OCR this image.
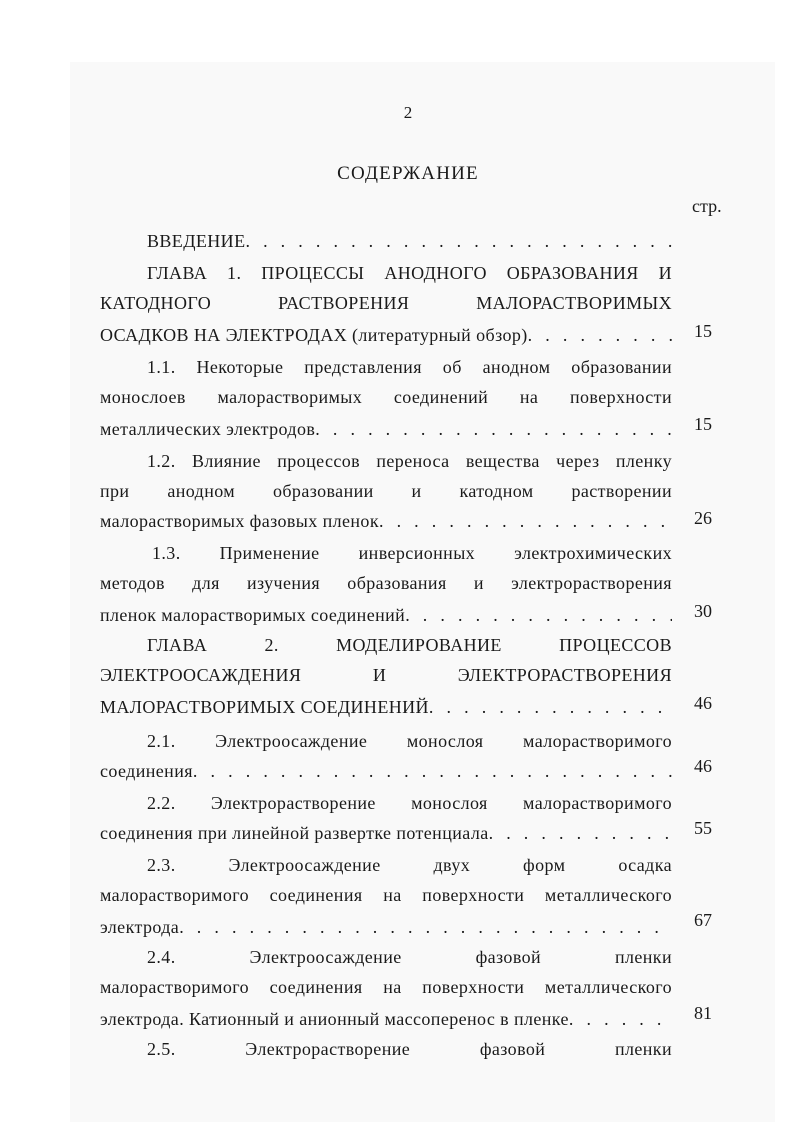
2
СОДЕРЖАНИЕ
стр.
ВВЕДЕНИЕ
. . .
ГЛАВА 1. ПРОЦЕССЫ АНОДНОГО ОБРАЗОВАНИЯ И
КАТОДНОГО РАСТВОРЕНИЯ МАЛОРАСТВОРИМЫХ
ОСАДКОВ НА ЭЛЕКТРОДАХ (литературный обзор) . . .	15
1.1. Некоторые представления об анодном образовании
монослоев малорастворимых соединений на поверхности
металлических электродов . . .	15
1.2. Влияние процессов переноса вещества через пленку
при анодном образовании и катодном растворении
малорастворимых фазовых пленок . . .	26
1.3. Применение инверсионных электрохимических
методов для изучения образования и электрорастворения
пленок малорастворимых соединений . . .	30
ГЛАВА 2. МОДЕЛИРОВАНИЕ ПРОЦЕССОВ
ЭЛЕКТРООСАЖДЕНИЯ И ЭЛЕКТРОРАСТВОРЕНИЯ
МАЛОРАСТВОРИМЫХ СОЕДИНЕНИЙ . . .	46
2.1. Электроосаждение монослоя малорастворимого
соединения . . .	46
2.2. Электрорастворение монослоя малорастворимого
соединения при линейной развертке потенциала . . .	55
2.3. Электроосаждение двух форм осадка
малорастворимого соединения на поверхности металлического
электрода . . .	67
2.4. Электроосаждение фазовой пленки
малорастворимого соединения на поверхности металлического
электрода. Катионный и анионный массоперенос в пленке . . .	81
2.5. Электрорастворение фазовой пленки
